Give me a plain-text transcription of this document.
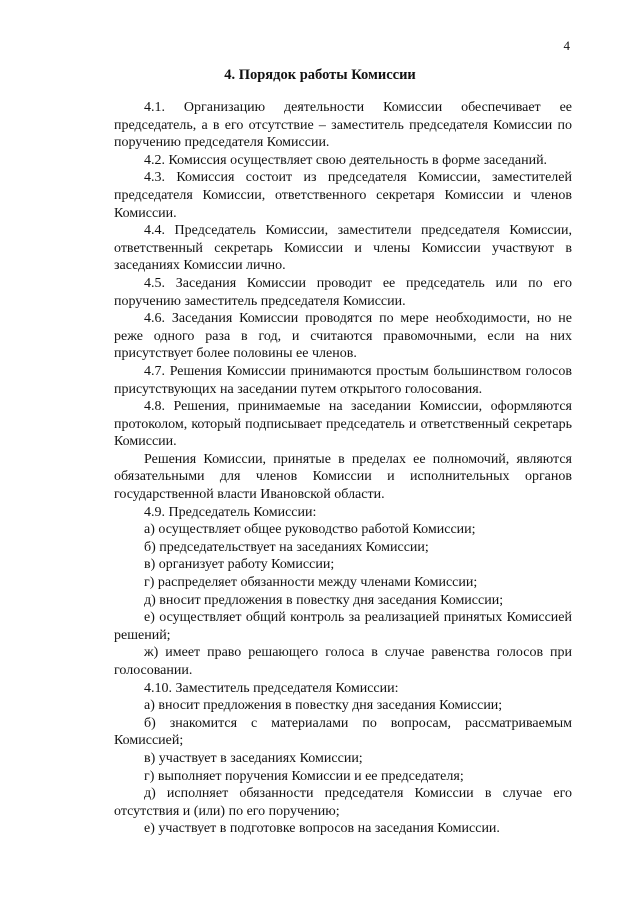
4
4. Порядок работы Комиссии

4.1. Организацию деятельности Комиссии обеспечивает ее председатель, а в его отсутствие – заместитель председателя Комиссии по поручению председателя Комиссии.

4.2. Комиссия осуществляет свою деятельность в форме заседаний.

4.3. Комиссия состоит из председателя Комиссии, заместителей председателя Комиссии, ответственного секретаря Комиссии и членов Комиссии.

4.4. Председатель Комиссии, заместители председателя Комиссии, ответственный секретарь Комиссии и члены Комиссии участвуют в заседаниях Комиссии лично.

4.5. Заседания Комиссии проводит ее председатель или по его поручению заместитель председателя Комиссии.

4.6. Заседания Комиссии проводятся по мере необходимости, но не реже одного раза в год, и считаются правомочными, если на них присутствует более половины ее членов.

4.7. Решения Комиссии принимаются простым большинством голосов присутствующих на заседании путем открытого голосования.

4.8. Решения, принимаемые на заседании Комиссии, оформляются протоколом, который подписывает председатель и ответственный секретарь Комиссии.

Решения Комиссии, принятые в пределах ее полномочий, являются обязательными для членов Комиссии и исполнительных органов государственной власти Ивановской области.

4.9. Председатель Комиссии:

а) осуществляет общее руководство работой Комиссии;

б) председательствует на заседаниях Комиссии;

в) организует работу Комиссии;

г) распределяет обязанности между членами Комиссии;

д) вносит предложения в повестку дня заседания Комиссии;

е) осуществляет общий контроль за реализацией принятых Комиссией решений;

ж) имеет право решающего голоса в случае равенства голосов при голосовании.

4.10. Заместитель председателя Комиссии:

а) вносит предложения в повестку дня заседания Комиссии;

б) знакомится с материалами по вопросам, рассматриваемым Комиссией;

в) участвует в заседаниях Комиссии;

г) выполняет поручения Комиссии и ее председателя;

д) исполняет обязанности председателя Комиссии в случае его отсутствия и (или) по его поручению;

е) участвует в подготовке вопросов на заседания Комиссии.
